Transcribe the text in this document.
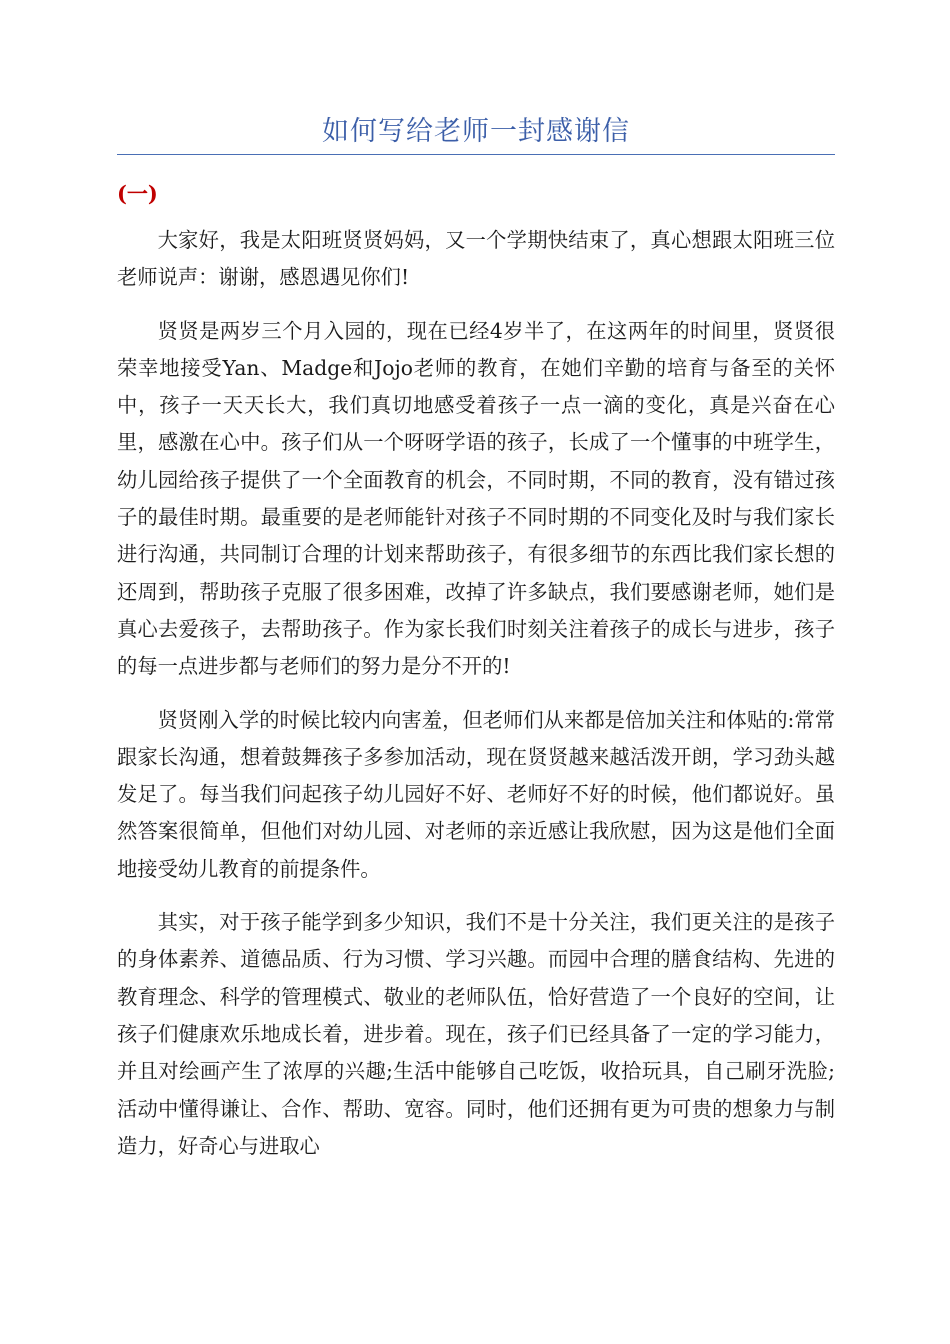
如何写给老师一封感谢信

(一)

大家好，我是太阳班贤贤妈妈，又一个学期快结束了，真心想跟太阳班三位老师说声：谢谢，感恩遇见你们!

贤贤是两岁三个月入园的，现在已经4岁半了，在这两年的时间里，贤贤很荣幸地接受Yan、Madge和Jojo老师的教育，在她们辛勤的培育与备至的关怀中，孩子一天天长大，我们真切地感受着孩子一点一滴的变化，真是兴奋在心里，感激在心中。孩子们从一个呀呀学语的孩子，长成了一个懂事的中班学生，幼儿园给孩子提供了一个全面教育的机会，不同时期，不同的教育，没有错过孩子的最佳时期。最重要的是老师能针对孩子不同时期的不同变化及时与我们家长进行沟通，共同制订合理的计划来帮助孩子，有很多细节的东西比我们家长想的还周到，帮助孩子克服了很多困难，改掉了许多缺点，我们要感谢老师，她们是真心去爱孩子，去帮助孩子。作为家长我们时刻关注着孩子的成长与进步，孩子的每一点进步都与老师们的努力是分不开的!

贤贤刚入学的时候比较内向害羞，但老师们从来都是倍加关注和体贴的:常常跟家长沟通，想着鼓舞孩子多参加活动，现在贤贤越来越活泼开朗，学习劲头越发足了。每当我们问起孩子幼儿园好不好、老师好不好的时候，他们都说好。虽然答案很简单，但他们对幼儿园、对老师的亲近感让我欣慰，因为这是他们全面地接受幼儿教育的前提条件。

其实，对于孩子能学到多少知识，我们不是十分关注，我们更关注的是孩子的身体素养、道德品质、行为习惯、学习兴趣。而园中合理的膳食结构、先进的教育理念、科学的管理模式、敬业的老师队伍，恰好营造了一个良好的空间，让孩子们健康欢乐地成长着，进步着。现在，孩子们已经具备了一定的学习能力，并且对绘画产生了浓厚的兴趣;生活中能够自己吃饭，收拾玩具，自己刷牙洗脸;活动中懂得谦让、合作、帮助、宽容。同时，他们还拥有更为可贵的想象力与制造力，好奇心与进取心
